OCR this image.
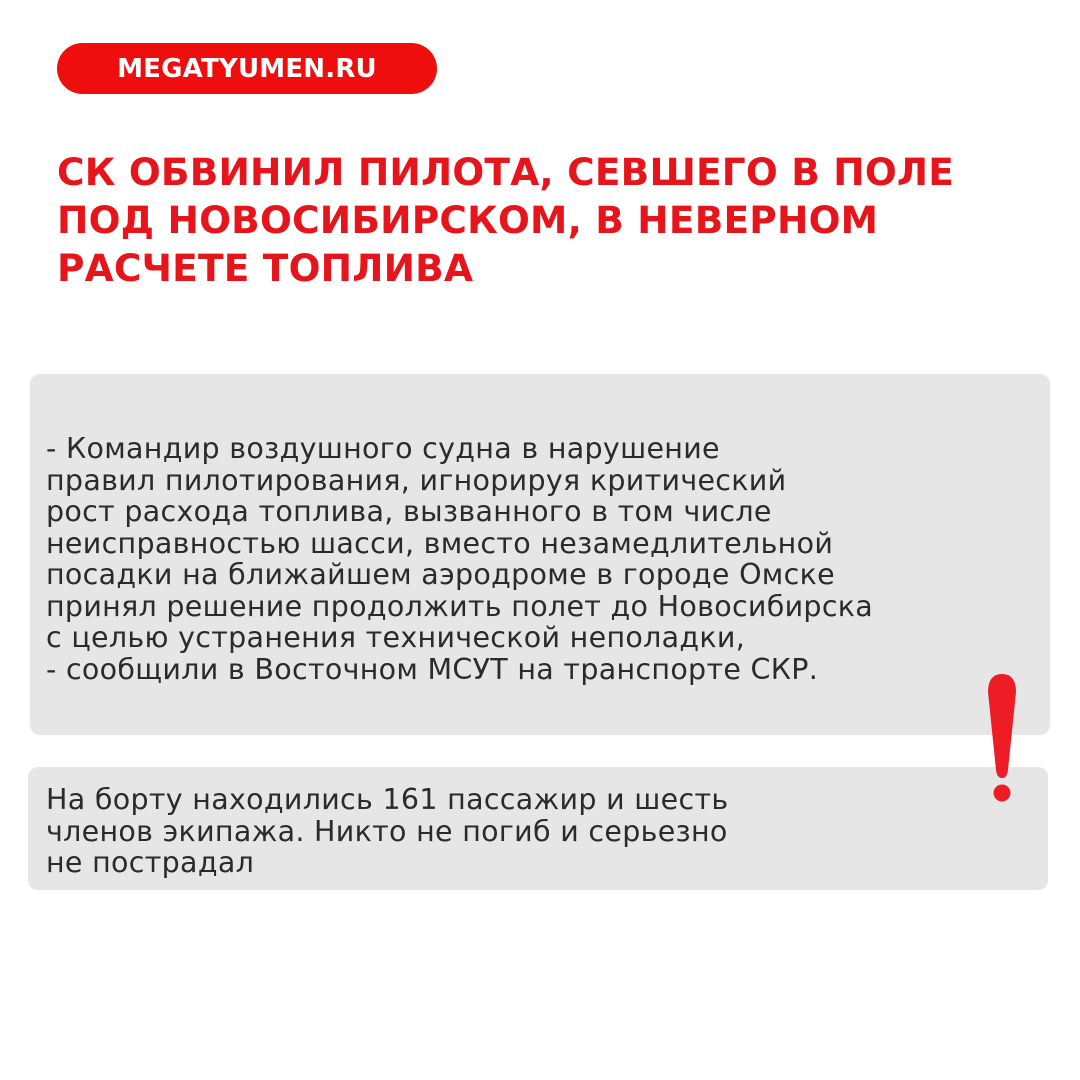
MEGATYUMEN.RU
СК ОБВИНИЛ ПИЛОТА, СЕВШЕГО В ПОЛЕ
ПОД НОВОСИБИРСКОМ, В НЕВЕРНОМ
РАСЧЕТЕ ТОПЛИВА
- Командир воздушного судна в нарушение
правил пилотирования, игнорируя критический
рост расхода топлива, вызванного в том числе
неисправностью шасси, вместо незамедлительной
посадки на ближайшем аэродроме в городе Омске
принял решение продолжить полет до Новосибирска
с целью устранения технической неполадки,
- сообщили в Восточном МСУТ на транспорте СКР.
На борту находились 161 пассажир и шесть
членов экипажа. Никто не погиб и серьезно
не пострадал
